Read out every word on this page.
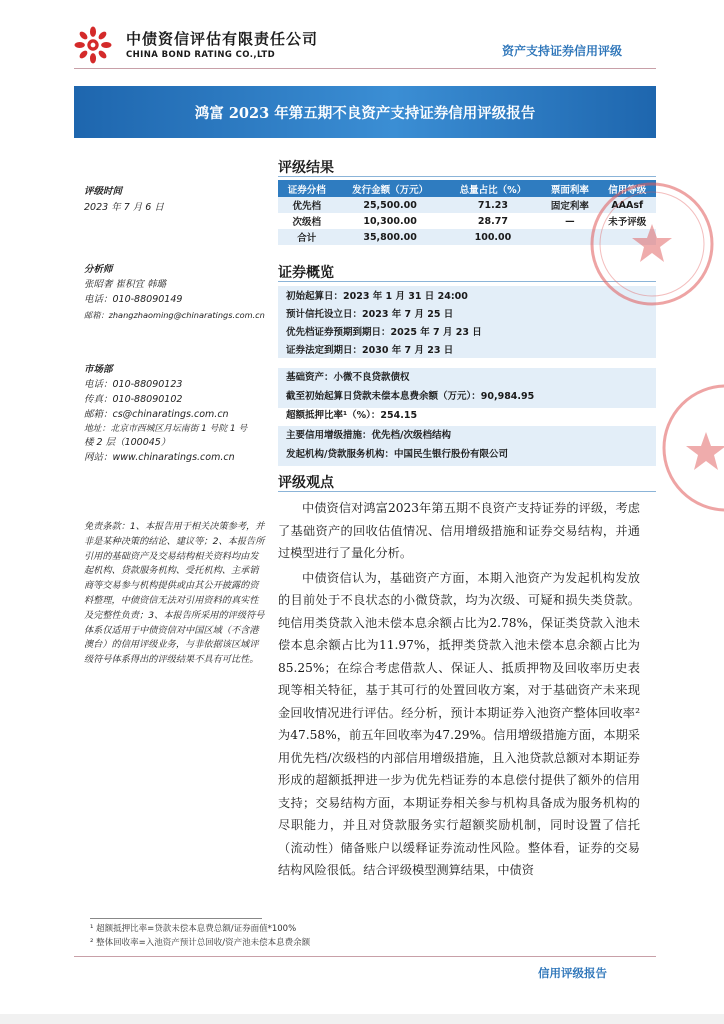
中债资信评估有限责任公司
CHINA BOND RATING CO.,LTD	资产支持证券信用评级
鸿富 2023 年第五期不良资产支持证券信用评级报告
评级时间
2023 年 7 月 6 日
分析师
张昭奢 崔积宜 韩璐
电话：010-88090149
邮箱：zhangzhaoming@chinaratings.com.cn
市场部
电话：010-88090123
传真：010-88090102
邮箱：cs@chinaratings.com.cn
地址：北京市西城区月坛南街 1 号院 1 号
楼 2 层（100045）
网站：www.chinaratings.com.cn
免责条款：1、本报告用于相关决策参考，并非是某种决策的结论、建议等；2、本报告所引用的基础资产及交易结构相关资料均由发起机构、贷款服务机构、受托机构、主承销商等交易参与机构提供或由其公开披露的资料整理，中债资信无法对引用资料的真实性及完整性负责；3、本报告所采用的评级符号体系仅适用于中债资信对中国区域（不含港澳台）的信用评级业务，与非依据该区域评级符号体系得出的评级结果不具有可比性。
评级结果
证券分档	发行金额（万元）	总量占比（%）	票面利率	信用等级
优先档	25,500.00	71.23	固定利率	AAAsf
次级档	10,300.00	28.77	—	未予评级
合计	35,800.00	100.00		
证券概览
初始起算日：2023 年 1 月 31 日 24:00
预计信托设立日：2023 年 7 月 25 日
优先档证券预期到期日：2025 年 7 月 23 日
证券法定到期日：2030 年 7 月 23 日
基础资产：小微不良贷款债权
截至初始起算日贷款未偿本息费余额（万元）：90,984.95
超额抵押比率¹（%）：254.15
主要信用增级措施：优先档/次级档结构
发起机构/贷款服务机构：中国民生银行股份有限公司
评级观点

中债资信对鸿富2023年第五期不良资产支持证券的评级，考虑了基础资产的回收估值情况、信用增级措施和证券交易结构，并通过模型进行了量化分析。

中债资信认为，基础资产方面，本期入池资产为发起机构发放的目前处于不良状态的小微贷款，均为次级、可疑和损失类贷款。纯信用类贷款入池未偿本息余额占比为2.78%，保证类贷款入池未偿本息余额占比为11.97%，抵押类贷款入池未偿本息余额占比为85.25%；在综合考虑借款人、保证人、抵质押物及回收率历史表现等相关特征，基于其可行的处置回收方案，对于基础资产未来现金回收情况进行评估。经分析，预计本期证券入池资产整体回收率²为47.58%，前五年回收率为47.29%。信用增级措施方面，本期采用优先档/次级档的内部信用增级措施，且入池贷款总额对本期证券形成的超额抵押进一步为优先档证券的本息偿付提供了额外的信用支持；交易结构方面，本期证券相关参与机构具备成为服务机构的尽职能力，并且对贷款服务实行超额奖励机制，同时设置了信托（流动性）储备账户以缓释证券流动性风险。整体看，证券的交易结构风险很低。结合评级模型测算结果，中债资

¹ 超额抵押比率=贷款未偿本息费总额/证券面值*100%
² 整体回收率=入池资产预计总回收/资产池未偿本息费余额
信用评级报告
